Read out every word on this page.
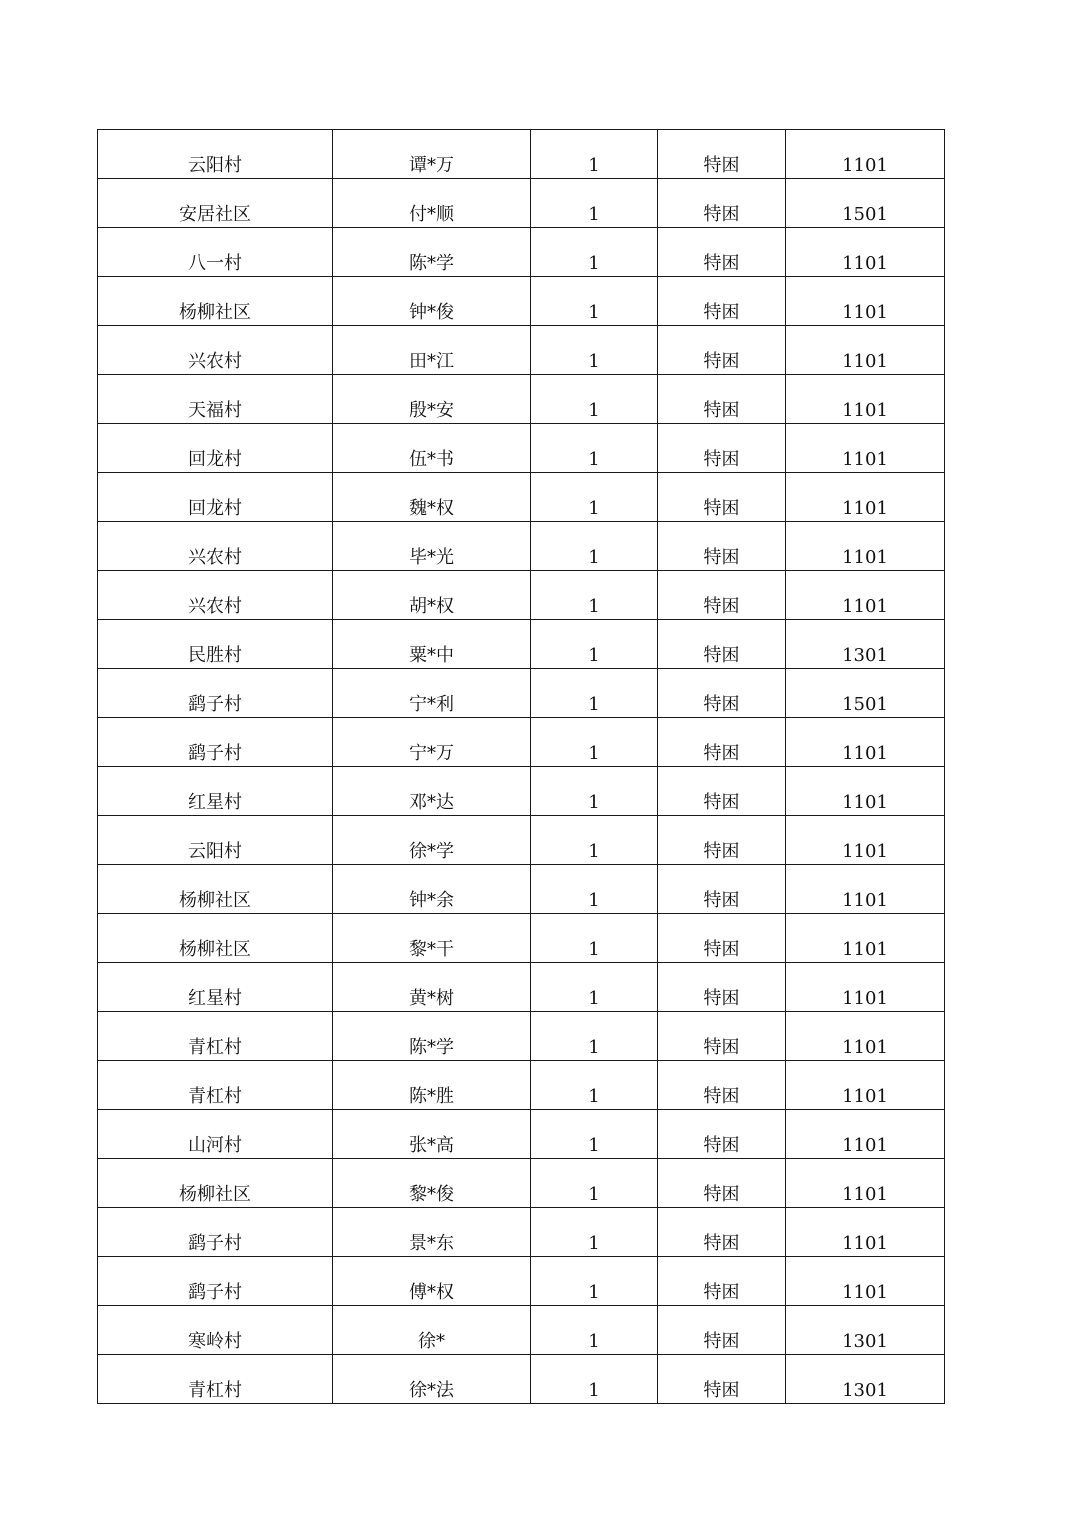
云阳村	谭*万	1	特困	1101

安居社区	付*顺	1	特困	1501

八一村	陈*学	1	特困	1101

杨柳社区	钟*俊	1	特困	1101

兴农村	田*江	1	特困	1101

天福村	殷*安	1	特困	1101

回龙村	伍*书	1	特困	1101

回龙村	魏*权	1	特困	1101

兴农村	毕*光	1	特困	1101

兴农村	胡*权	1	特困	1101

民胜村	粟*中	1	特困	1301

鹞子村	宁*利	1	特困	1501

鹞子村	宁*万	1	特困	1101

红星村	邓*达	1	特困	1101

云阳村	徐*学	1	特困	1101

杨柳社区	钟*余	1	特困	1101

杨柳社区	黎*干	1	特困	1101

红星村	黄*树	1	特困	1101

青杠村	陈*学	1	特困	1101

青杠村	陈*胜	1	特困	1101

山河村	张*高	1	特困	1101

杨柳社区	黎*俊	1	特困	1101

鹞子村	景*东	1	特困	1101

鹞子村	傅*权	1	特困	1101

寒岭村	徐*	1	特困	1301

青杠村	徐*法	1	特困	1301
